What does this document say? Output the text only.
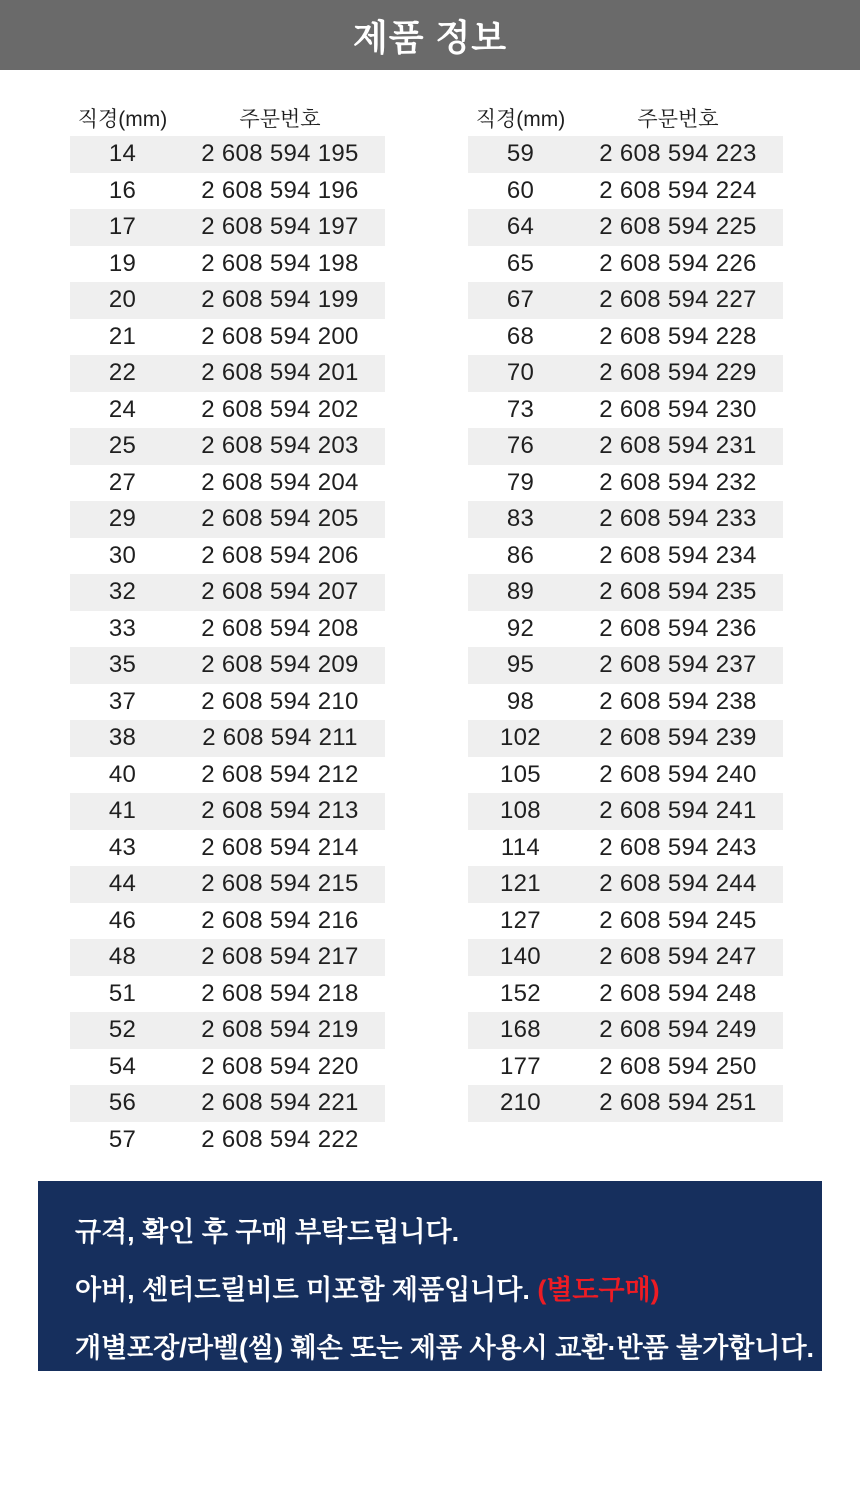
제품 정보
직경(mm)	주문번호
14	2 608 594 195
16	2 608 594 196
17	2 608 594 197
19	2 608 594 198
20	2 608 594 199
21	2 608 594 200
22	2 608 594 201
24	2 608 594 202
25	2 608 594 203
27	2 608 594 204
29	2 608 594 205
30	2 608 594 206
32	2 608 594 207
33	2 608 594 208
35	2 608 594 209
37	2 608 594 210
38	2 608 594 211
40	2 608 594 212
41	2 608 594 213
43	2 608 594 214
44	2 608 594 215
46	2 608 594 216
48	2 608 594 217
51	2 608 594 218
52	2 608 594 219
54	2 608 594 220
56	2 608 594 221
57	2 608 594 222
직경(mm)	주문번호
59	2 608 594 223
60	2 608 594 224
64	2 608 594 225
65	2 608 594 226
67	2 608 594 227
68	2 608 594 228
70	2 608 594 229
73	2 608 594 230
76	2 608 594 231
79	2 608 594 232
83	2 608 594 233
86	2 608 594 234
89	2 608 594 235
92	2 608 594 236
95	2 608 594 237
98	2 608 594 238
102	2 608 594 239
105	2 608 594 240
108	2 608 594 241
114	2 608 594 243
121	2 608 594 244
127	2 608 594 245
140	2 608 594 247
152	2 608 594 248
168	2 608 594 249
177	2 608 594 250
210	2 608 594 251

규격, 확인 후 구매 부탁드립니다.

아버, 센터드릴비트 미포함 제품입니다. (별도구매)

개별포장/라벨(씰) 훼손 또는 제품 사용시 교환·반품 불가합니다.
